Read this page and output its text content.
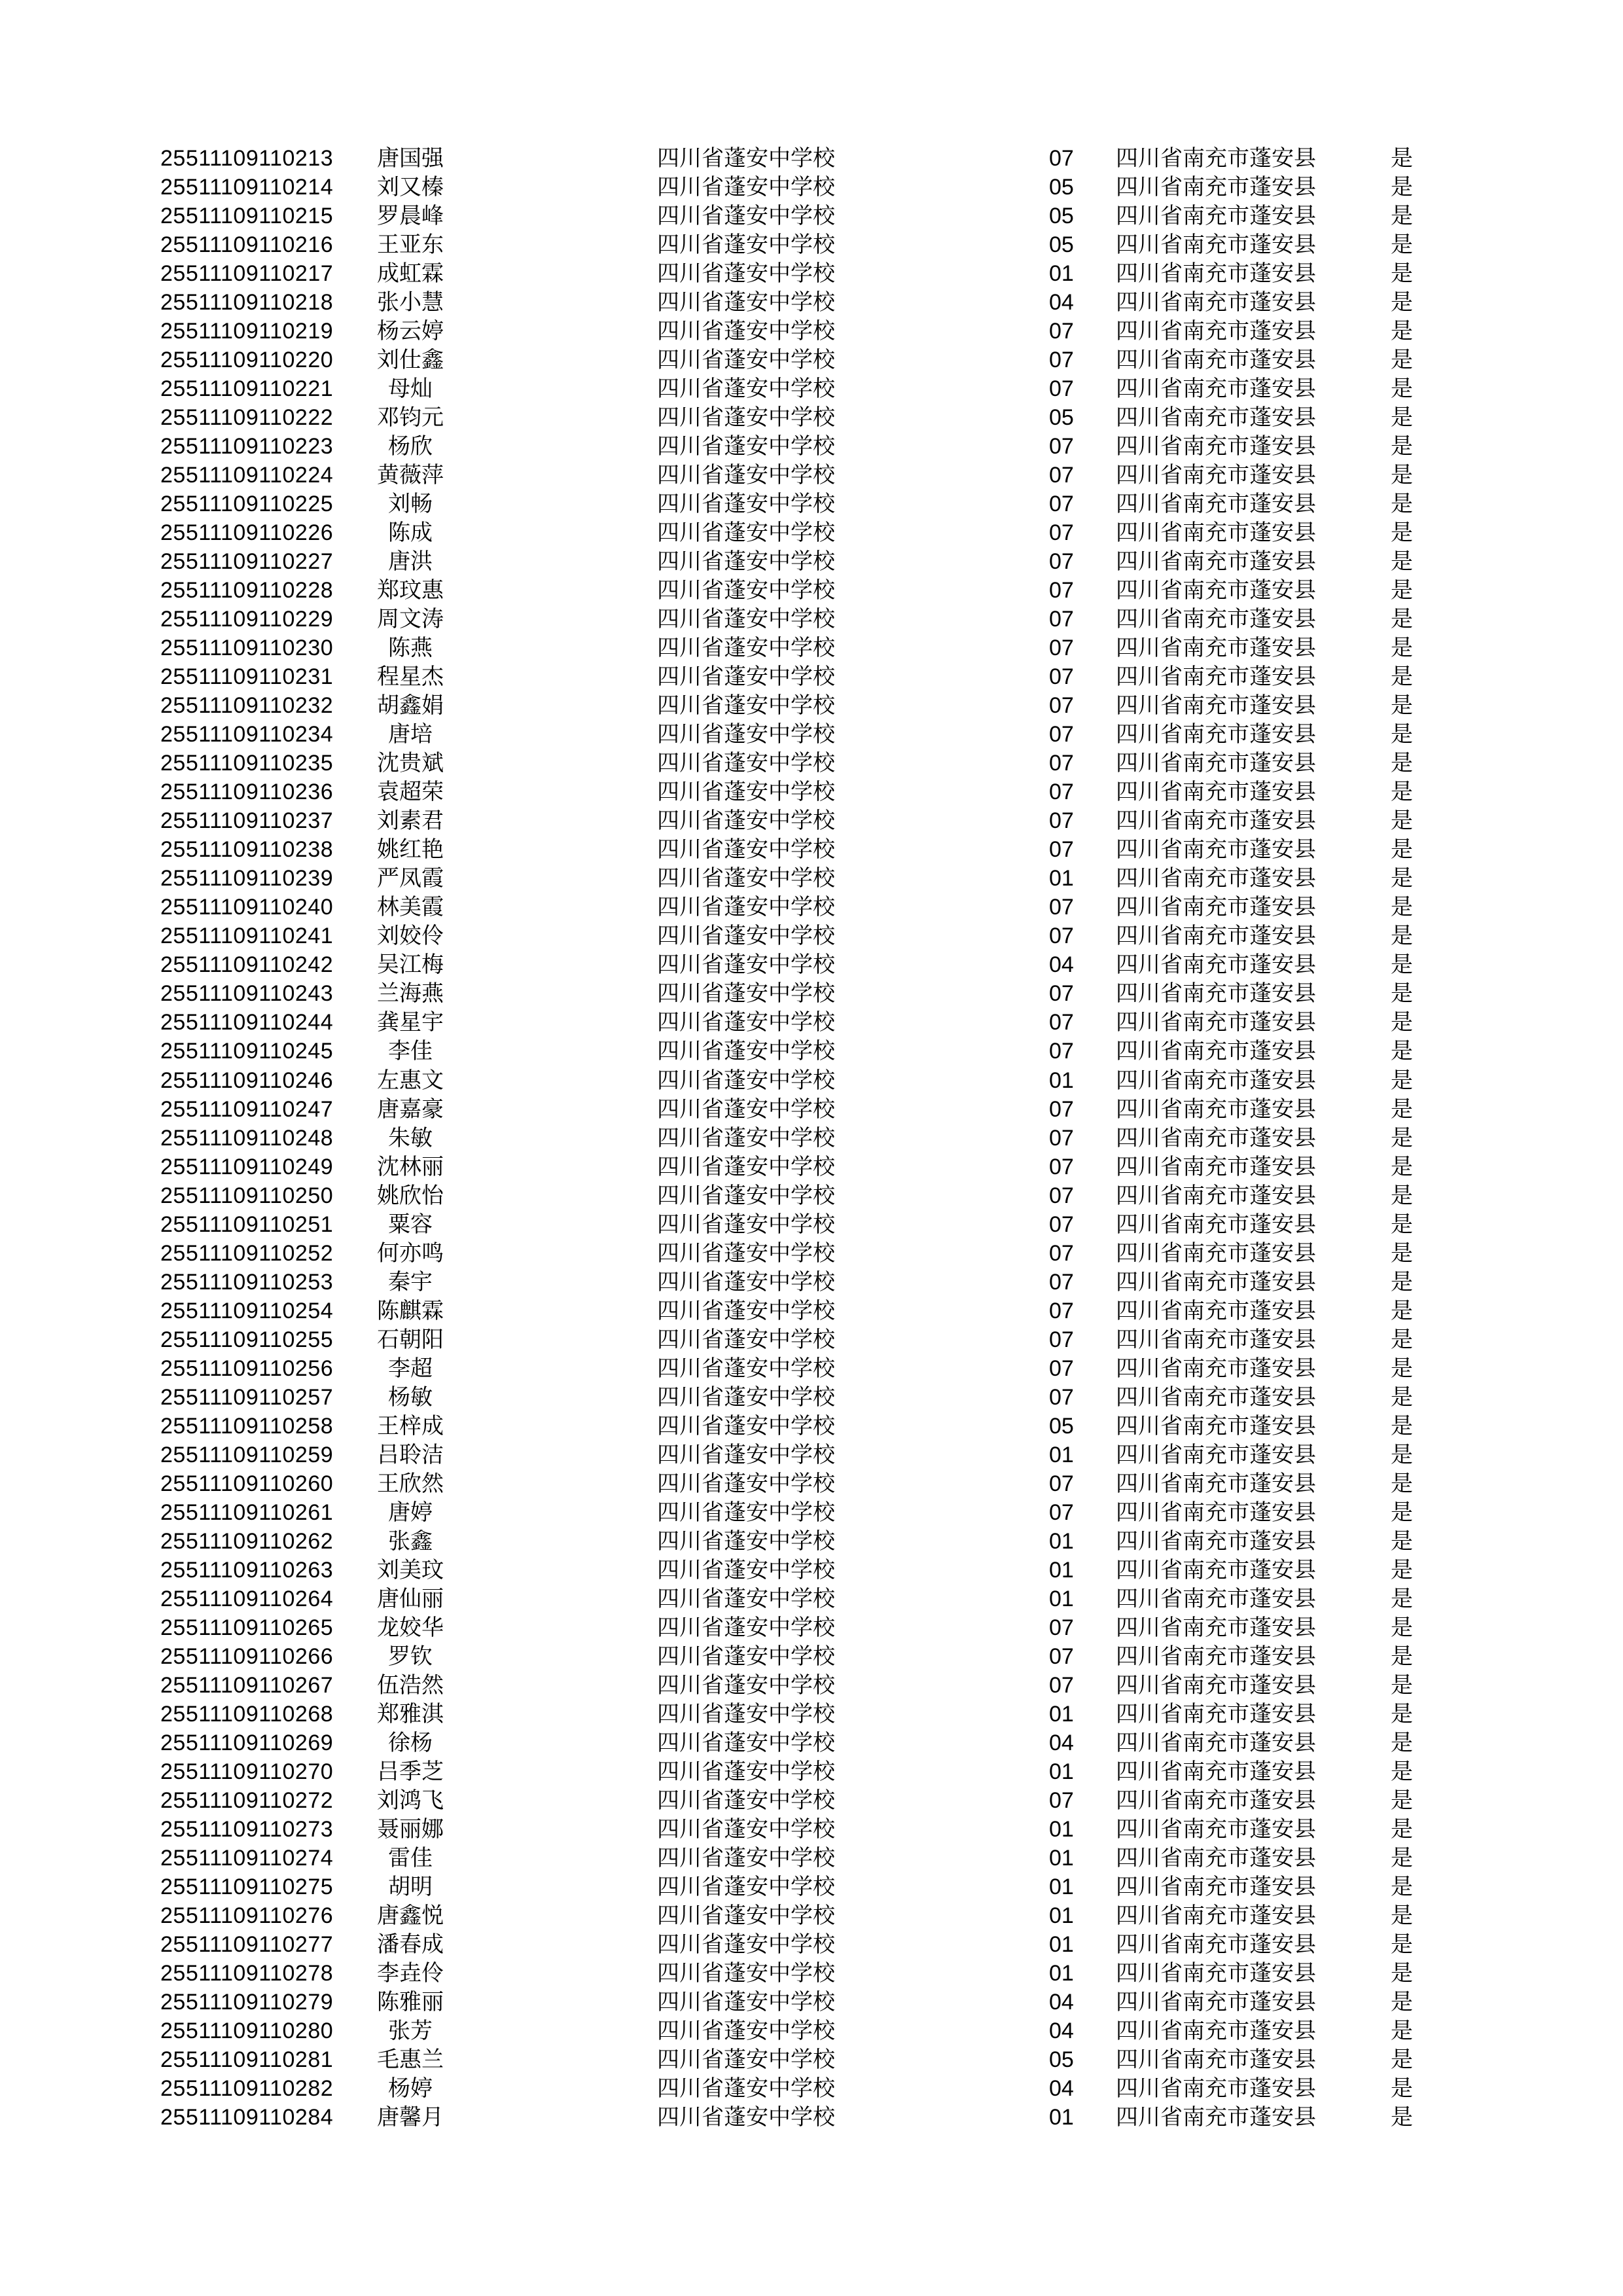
25511109110213	唐国强	四川省蓬安中学校	07	四川省南充市蓬安县	是
25511109110214	刘又榛	四川省蓬安中学校	05	四川省南充市蓬安县	是
25511109110215	罗晨峰	四川省蓬安中学校	05	四川省南充市蓬安县	是
25511109110216	王亚东	四川省蓬安中学校	05	四川省南充市蓬安县	是
25511109110217	成虹霖	四川省蓬安中学校	01	四川省南充市蓬安县	是
25511109110218	张小慧	四川省蓬安中学校	04	四川省南充市蓬安县	是
25511109110219	杨云婷	四川省蓬安中学校	07	四川省南充市蓬安县	是
25511109110220	刘仕鑫	四川省蓬安中学校	07	四川省南充市蓬安县	是
25511109110221	母灿	四川省蓬安中学校	07	四川省南充市蓬安县	是
25511109110222	邓钧元	四川省蓬安中学校	05	四川省南充市蓬安县	是
25511109110223	杨欣	四川省蓬安中学校	07	四川省南充市蓬安县	是
25511109110224	黄薇萍	四川省蓬安中学校	07	四川省南充市蓬安县	是
25511109110225	刘畅	四川省蓬安中学校	07	四川省南充市蓬安县	是
25511109110226	陈成	四川省蓬安中学校	07	四川省南充市蓬安县	是
25511109110227	唐洪	四川省蓬安中学校	07	四川省南充市蓬安县	是
25511109110228	郑玟惠	四川省蓬安中学校	07	四川省南充市蓬安县	是
25511109110229	周文涛	四川省蓬安中学校	07	四川省南充市蓬安县	是
25511109110230	陈燕	四川省蓬安中学校	07	四川省南充市蓬安县	是
25511109110231	程星杰	四川省蓬安中学校	07	四川省南充市蓬安县	是
25511109110232	胡鑫娟	四川省蓬安中学校	07	四川省南充市蓬安县	是
25511109110234	唐培	四川省蓬安中学校	07	四川省南充市蓬安县	是
25511109110235	沈贵斌	四川省蓬安中学校	07	四川省南充市蓬安县	是
25511109110236	袁超荣	四川省蓬安中学校	07	四川省南充市蓬安县	是
25511109110237	刘素君	四川省蓬安中学校	07	四川省南充市蓬安县	是
25511109110238	姚红艳	四川省蓬安中学校	07	四川省南充市蓬安县	是
25511109110239	严凤霞	四川省蓬安中学校	01	四川省南充市蓬安县	是
25511109110240	林美霞	四川省蓬安中学校	07	四川省南充市蓬安县	是
25511109110241	刘姣伶	四川省蓬安中学校	07	四川省南充市蓬安县	是
25511109110242	吴江梅	四川省蓬安中学校	04	四川省南充市蓬安县	是
25511109110243	兰海燕	四川省蓬安中学校	07	四川省南充市蓬安县	是
25511109110244	龚星宇	四川省蓬安中学校	07	四川省南充市蓬安县	是
25511109110245	李佳	四川省蓬安中学校	07	四川省南充市蓬安县	是
25511109110246	左惠文	四川省蓬安中学校	01	四川省南充市蓬安县	是
25511109110247	唐嘉豪	四川省蓬安中学校	07	四川省南充市蓬安县	是
25511109110248	朱敏	四川省蓬安中学校	07	四川省南充市蓬安县	是
25511109110249	沈林丽	四川省蓬安中学校	07	四川省南充市蓬安县	是
25511109110250	姚欣怡	四川省蓬安中学校	07	四川省南充市蓬安县	是
25511109110251	粟容	四川省蓬安中学校	07	四川省南充市蓬安县	是
25511109110252	何亦鸣	四川省蓬安中学校	07	四川省南充市蓬安县	是
25511109110253	秦宇	四川省蓬安中学校	07	四川省南充市蓬安县	是
25511109110254	陈麒霖	四川省蓬安中学校	07	四川省南充市蓬安县	是
25511109110255	石朝阳	四川省蓬安中学校	07	四川省南充市蓬安县	是
25511109110256	李超	四川省蓬安中学校	07	四川省南充市蓬安县	是
25511109110257	杨敏	四川省蓬安中学校	07	四川省南充市蓬安县	是
25511109110258	王梓成	四川省蓬安中学校	05	四川省南充市蓬安县	是
25511109110259	吕聆洁	四川省蓬安中学校	01	四川省南充市蓬安县	是
25511109110260	王欣然	四川省蓬安中学校	07	四川省南充市蓬安县	是
25511109110261	唐婷	四川省蓬安中学校	07	四川省南充市蓬安县	是
25511109110262	张鑫	四川省蓬安中学校	01	四川省南充市蓬安县	是
25511109110263	刘美玟	四川省蓬安中学校	01	四川省南充市蓬安县	是
25511109110264	唐仙丽	四川省蓬安中学校	01	四川省南充市蓬安县	是
25511109110265	龙姣华	四川省蓬安中学校	07	四川省南充市蓬安县	是
25511109110266	罗钦	四川省蓬安中学校	07	四川省南充市蓬安县	是
25511109110267	伍浩然	四川省蓬安中学校	07	四川省南充市蓬安县	是
25511109110268	郑雅淇	四川省蓬安中学校	01	四川省南充市蓬安县	是
25511109110269	徐杨	四川省蓬安中学校	04	四川省南充市蓬安县	是
25511109110270	吕季芝	四川省蓬安中学校	01	四川省南充市蓬安县	是
25511109110272	刘鸿飞	四川省蓬安中学校	07	四川省南充市蓬安县	是
25511109110273	聂丽娜	四川省蓬安中学校	01	四川省南充市蓬安县	是
25511109110274	雷佳	四川省蓬安中学校	01	四川省南充市蓬安县	是
25511109110275	胡明	四川省蓬安中学校	01	四川省南充市蓬安县	是
25511109110276	唐鑫悦	四川省蓬安中学校	01	四川省南充市蓬安县	是
25511109110277	潘春成	四川省蓬安中学校	01	四川省南充市蓬安县	是
25511109110278	李垚伶	四川省蓬安中学校	01	四川省南充市蓬安县	是
25511109110279	陈雅丽	四川省蓬安中学校	04	四川省南充市蓬安县	是
25511109110280	张芳	四川省蓬安中学校	04	四川省南充市蓬安县	是
25511109110281	毛惠兰	四川省蓬安中学校	05	四川省南充市蓬安县	是
25511109110282	杨婷	四川省蓬安中学校	04	四川省南充市蓬安县	是
25511109110284	唐馨月	四川省蓬安中学校	01	四川省南充市蓬安县	是
